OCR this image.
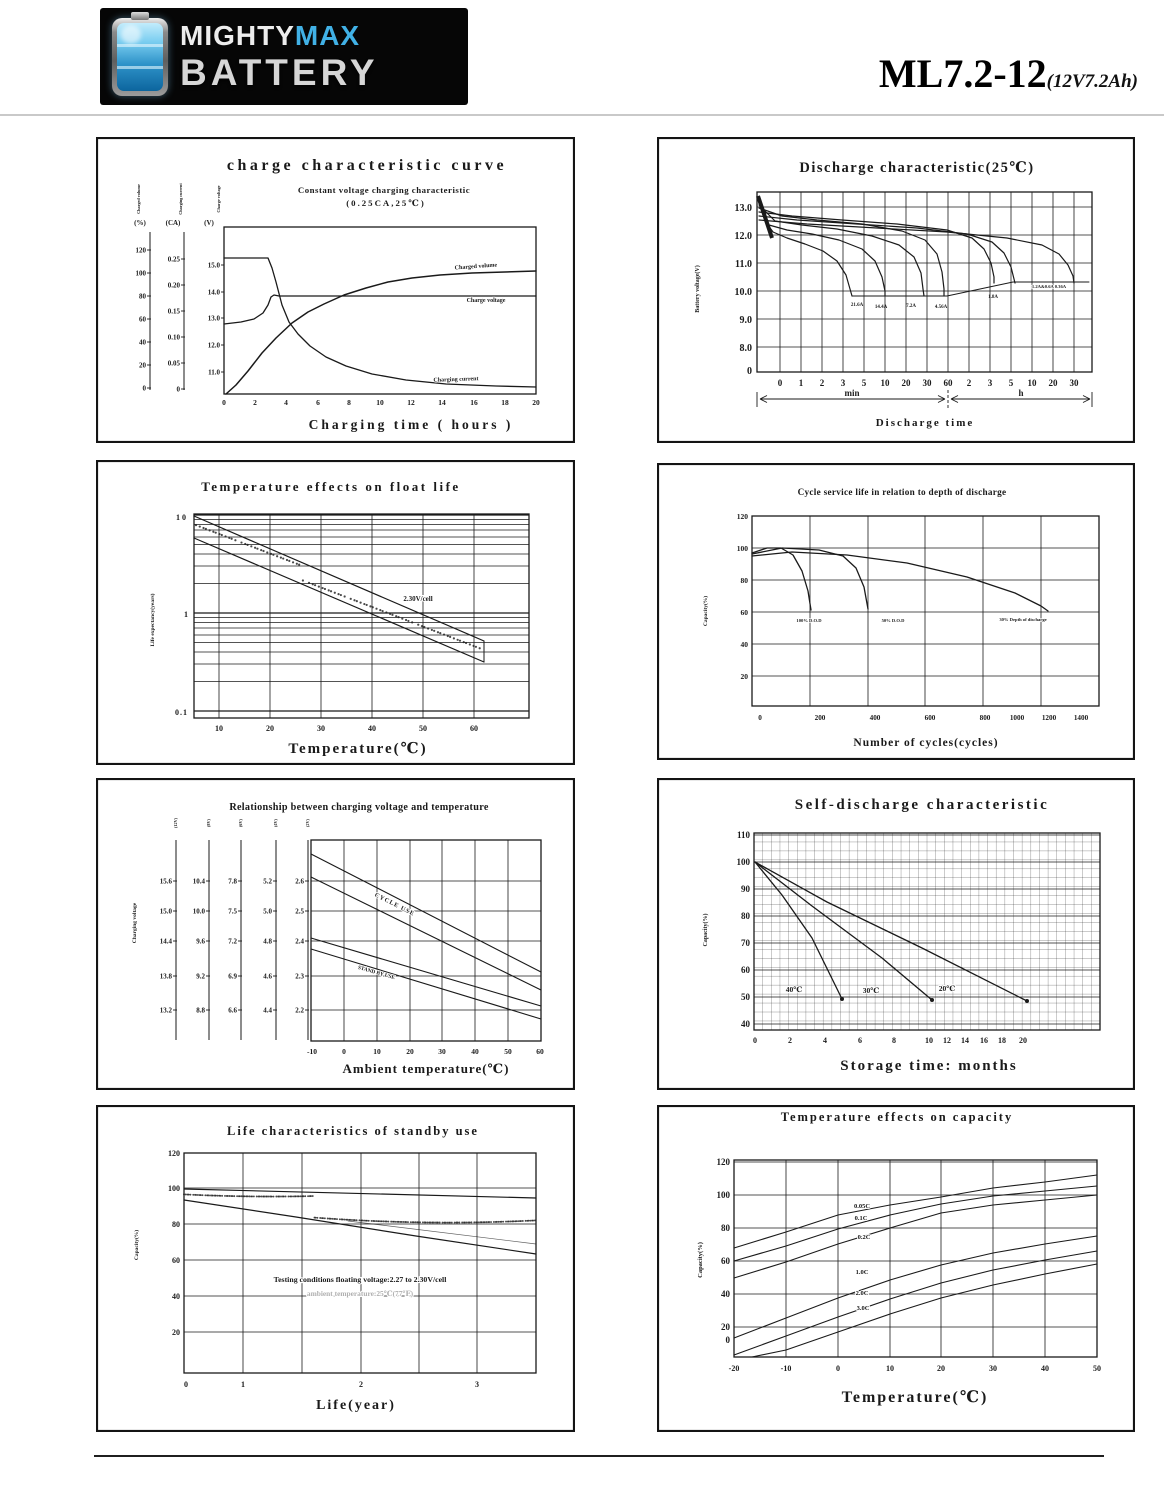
MIGHTYMAX
BATTERY	ML7.2-12(12V7.2Ah)
120
100
80
60
40
20
0
(%)
0.25
0.20
0.15
0.10
0.05
0
(CA)
15.0
14.0
13.0
12.0
11.0
(V)
charge characteristic curve
Constant voltage charging characteristic
(0.25CA,25℃)
0	2	4	6	8	10	12	14	16	18	20
Charging time ( hours )
Charged volume
Charge voltage
Charging current
Charged volume	Charging current	Charge voltage
Discharge characteristic(25℃)
13.0
12.0
11.0
10.0
9.0
8.0
0
0 1 2 3 5 10 20 30 60 2 3 5 10 20 30
min	h
Discharge time
Battery voltage(V)	21.6A 14.4A	7.2A	4.56A
1.8A
1.2A&0.6A 0.36A
Temperature effects on float life
10
1
0.1
10	20	30	40	50	60
2.30V/cell
Temperature(℃)
Life expectancy(years)
Cycle service life in relation to depth of discharge
120
100
80
60
40
20
0	200	400	600	800	1000 1200 1400
100% D.O.D	50% D.O.D	30% Depth of discharge
Capacity(%)
Number of cycles(cycles)
15.6
15.0
14.4
13.8
13.2
(12V)
10.4
10.0
9.6
9.2
8.8
(8V)
7.8
7.5
7.2
6.9
6.6
(6V)
5.2
5.0
4.8
4.6
4.4
(4V)
2.6
2.5
2.4
2.3
2.2
(2V)
Relationship between charging voltage and temperature
-10	0	10	20	30	40	50	60
CYCLE USE
STAND BY USE
Charging voltage
Ambient temperature(℃)
Self-discharge characteristic
110
100
90
80
70
60
50
40
0	2	4	6	8	10 12 14 16 18 20
40℃	30℃	20℃
Capacity(%)
Storage time: months
Life characteristics of standby use
120
100
80
60
40
20
0	1	2	3
Testing conditions floating voltage:2.27 to 2.30V/cell
ambient temperature:25℃(77℉)
Capacity(%)
Life(year)
Temperature effects on capacity
120
100
80
60
40
20
0
-20	-10	0	10	20	30	40	50
0.05C
0.1C
0.2C
1.0C
2.0C
3.0C
Capacity(%)
Temperature(℃)
